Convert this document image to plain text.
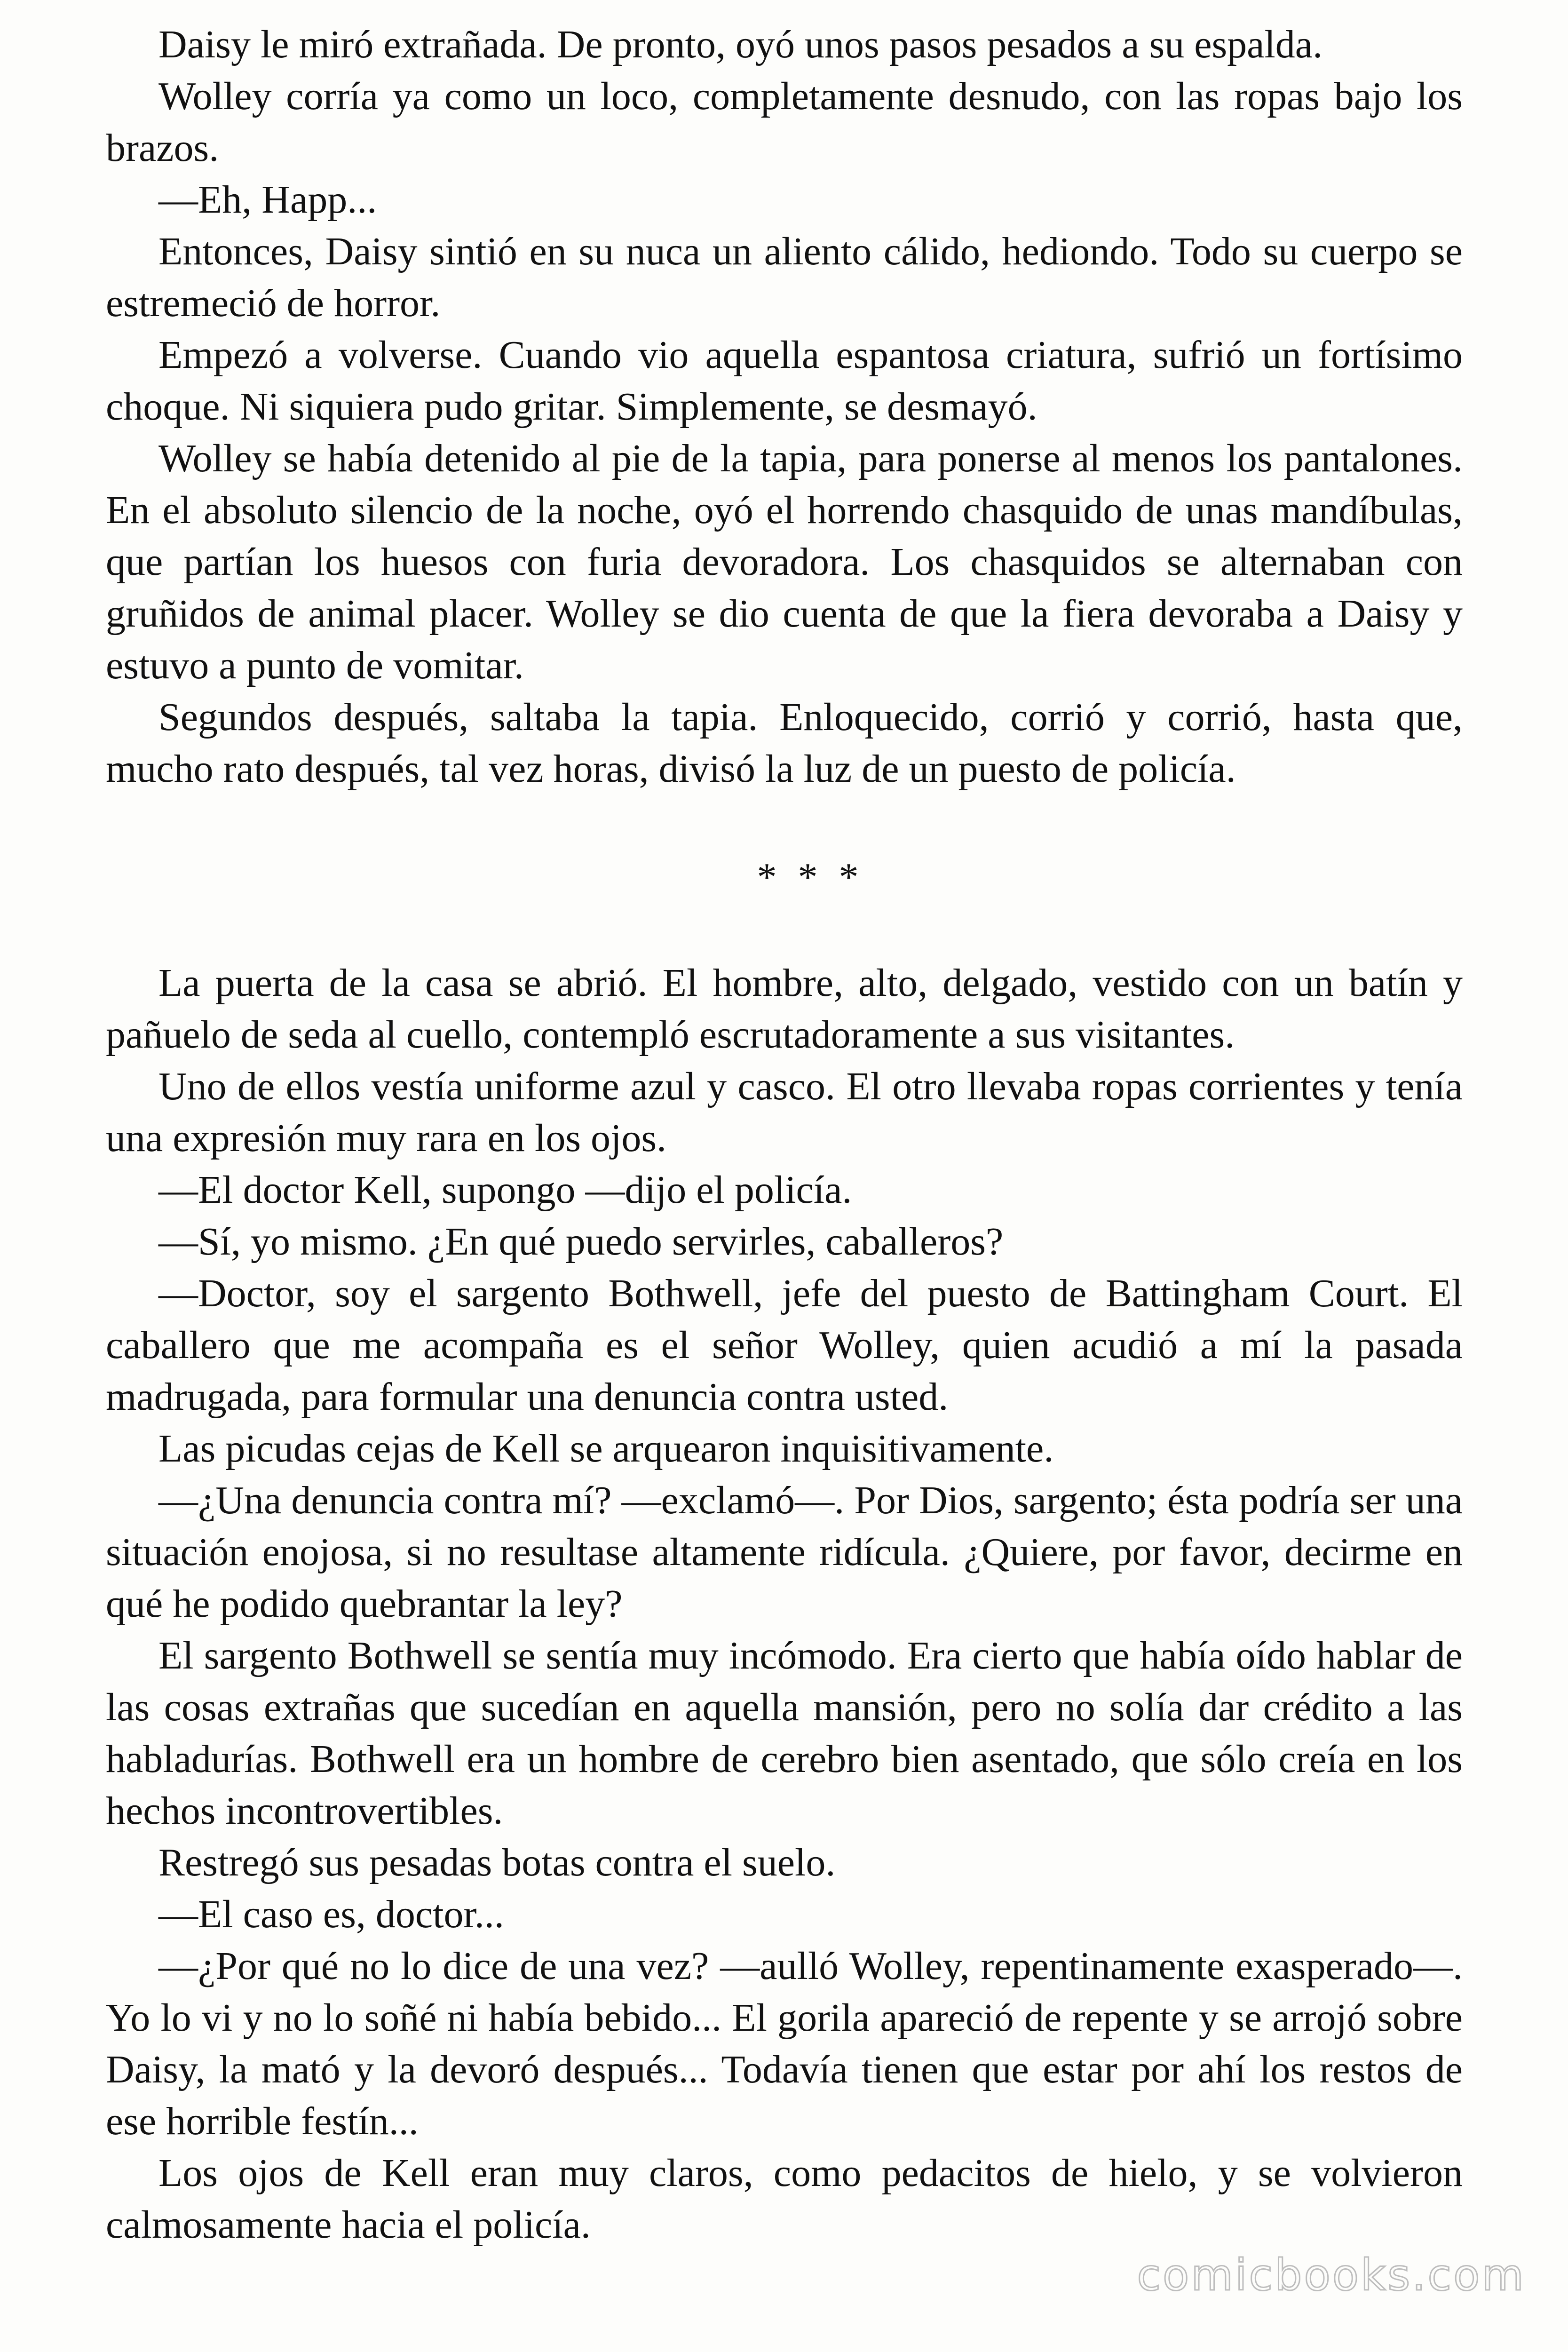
Daisy le miró extrañada. De pronto, oyó unos pasos pesados a su espalda.

Wolley corría ya como un loco, completamente desnudo, con las ropas bajo los brazos.

—Eh, Happ...

Entonces, Daisy sintió en su nuca un aliento cálido, hediondo. Todo su cuerpo se estremeció de horror.

Empezó a volverse. Cuando vio aquella espantosa criatura, sufrió un fortísimo choque. Ni siquiera pudo gritar. Simplemente, se desmayó.

Wolley se había detenido al pie de la tapia, para ponerse al menos los pantalones. En el absoluto silencio de la noche, oyó el horrendo chasquido de unas mandíbulas, que partían los huesos con furia devoradora. Los chasquidos se alternaban con gruñidos de animal placer. Wolley se dio cuenta de que la fiera devoraba a Daisy y estuvo a punto de vomitar.

Segundos después, saltaba la tapia. Enloquecido, corrió y corrió, hasta que, mucho rato después, tal vez horas, divisó la luz de un puesto de policía.

* * *

La puerta de la casa se abrió. El hombre, alto, delgado, vestido con un batín y pañuelo de seda al cuello, contempló escrutadoramente a sus visitantes.

Uno de ellos vestía uniforme azul y casco. El otro llevaba ropas corrientes y tenía una expresión muy rara en los ojos.

—El doctor Kell, supongo —dijo el policía.

—Sí, yo mismo. ¿En qué puedo servirles, caballeros?

—Doctor, soy el sargento Bothwell, jefe del puesto de Battingham Court. El caballero que me acompaña es el señor Wolley, quien acudió a mí la pasada madrugada, para formular una denuncia contra usted.

Las picudas cejas de Kell se arquearon inquisitivamente.

—¿Una denuncia contra mí? —exclamó—. Por Dios, sargento; ésta podría ser una situación enojosa, si no resultase altamente ridícula. ¿Quiere, por favor, decirme en qué he podido quebrantar la ley?

El sargento Bothwell se sentía muy incómodo. Era cierto que había oído hablar de las cosas extrañas que sucedían en aquella mansión, pero no solía dar crédito a las habladurías. Bothwell era un hombre de cerebro bien asentado, que sólo creía en los hechos incontrovertibles.

Restregó sus pesadas botas contra el suelo.

—El caso es, doctor...

—¿Por qué no lo dice de una vez? —aulló Wolley, repentinamente exasperado—. Yo lo vi y no lo soñé ni había bebido... El gorila apareció de repente y se arrojó sobre Daisy, la mató y la devoró después... Todavía tienen que estar por ahí los restos de ese horrible festín...

Los ojos de Kell eran muy claros, como pedacitos de hielo, y se volvieron calmosamente hacia el policía.

comicbooks.com
